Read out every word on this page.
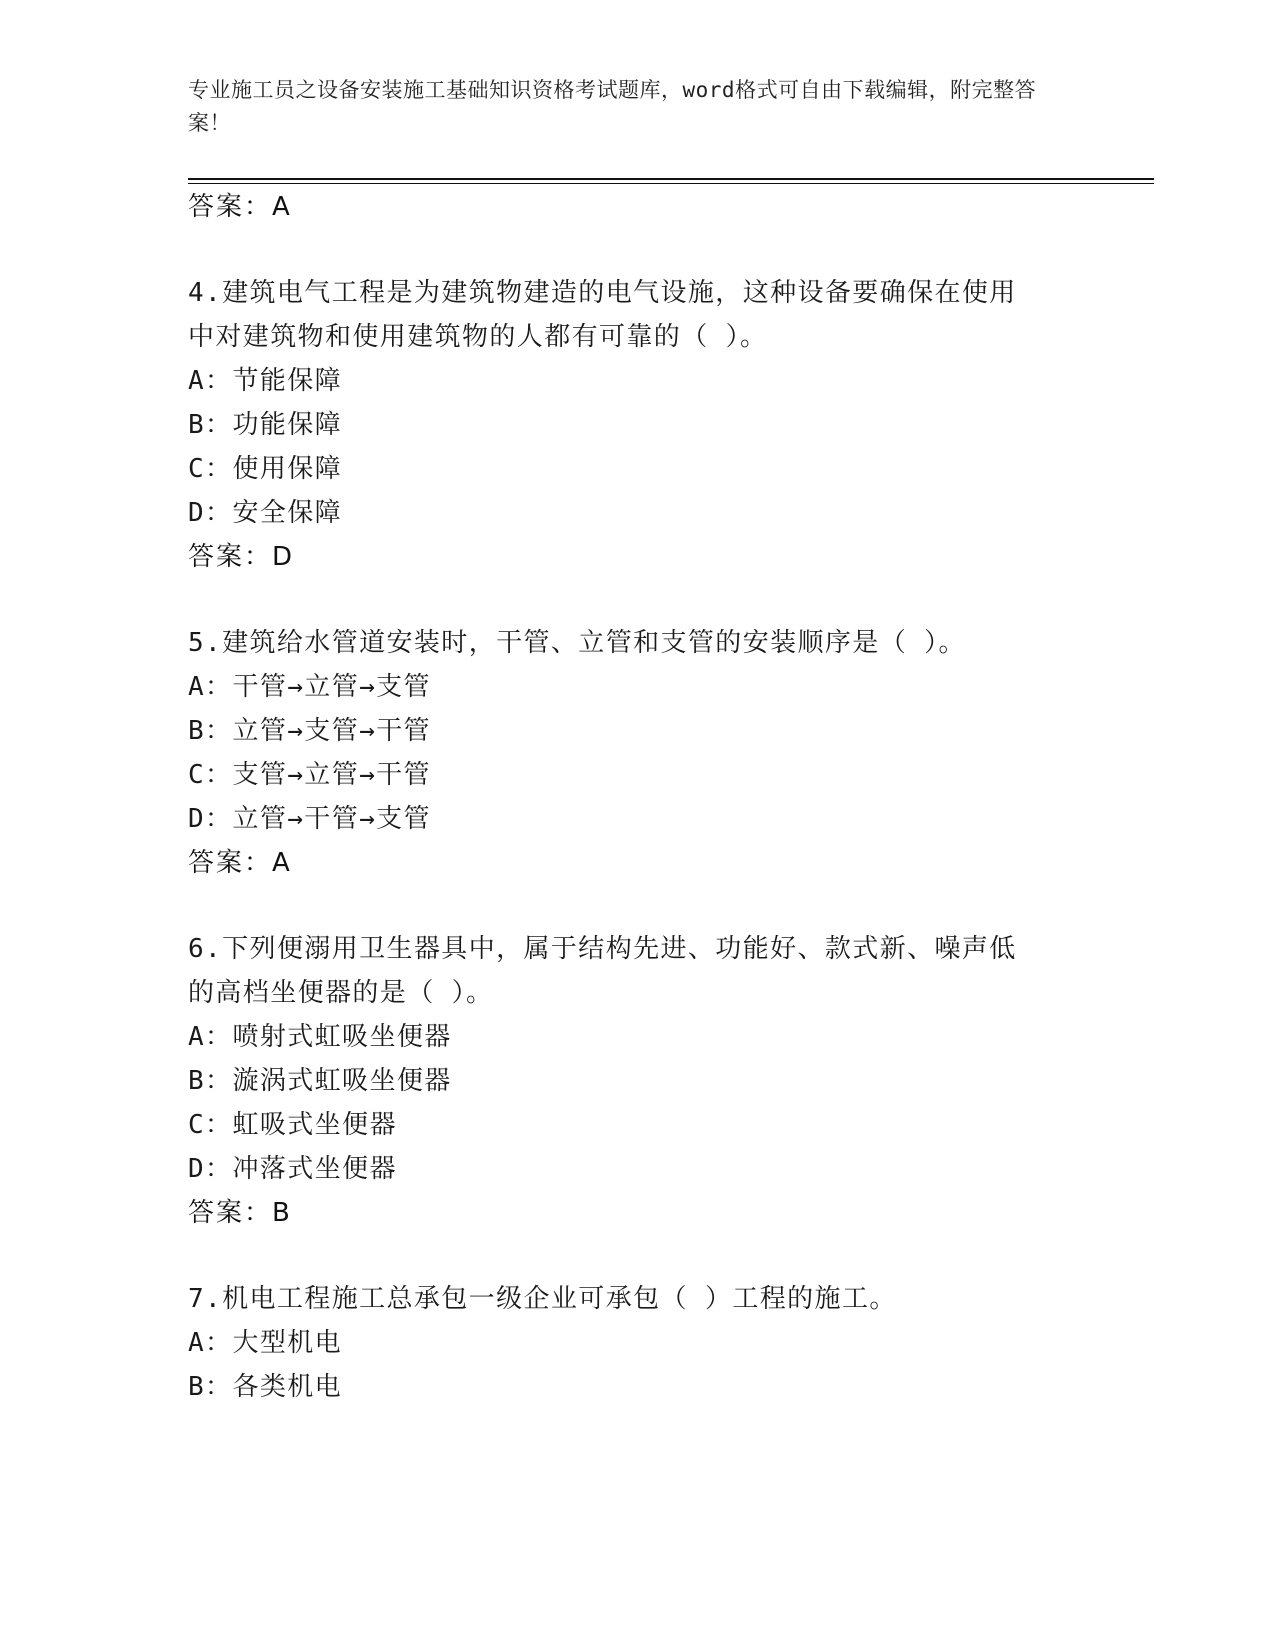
专业施工员之设备安装施工基础知识资格考试题库，word格式可自由下载编辑，附完整答案！
答案：A
4.建筑电气工程是为建筑物建造的电气设施，这种设备要确保在使用
中对建筑物和使用建筑物的人都有可靠的（ ）。
A：节能保障
B：功能保障
C：使用保障
D：安全保障
答案：D
5.建筑给水管道安装时，干管、立管和支管的安装顺序是（ ）。
A：干管→立管→支管
B：立管→支管→干管
C：支管→立管→干管
D：立管→干管→支管
答案：A
6.下列便溺用卫生器具中，属于结构先进、功能好、款式新、噪声低
的高档坐便器的是（ ）。
A：喷射式虹吸坐便器
B：漩涡式虹吸坐便器
C：虹吸式坐便器
D：冲落式坐便器
答案：B
7.机电工程施工总承包一级企业可承包（ ）工程的施工。
A：大型机电
B：各类机电
